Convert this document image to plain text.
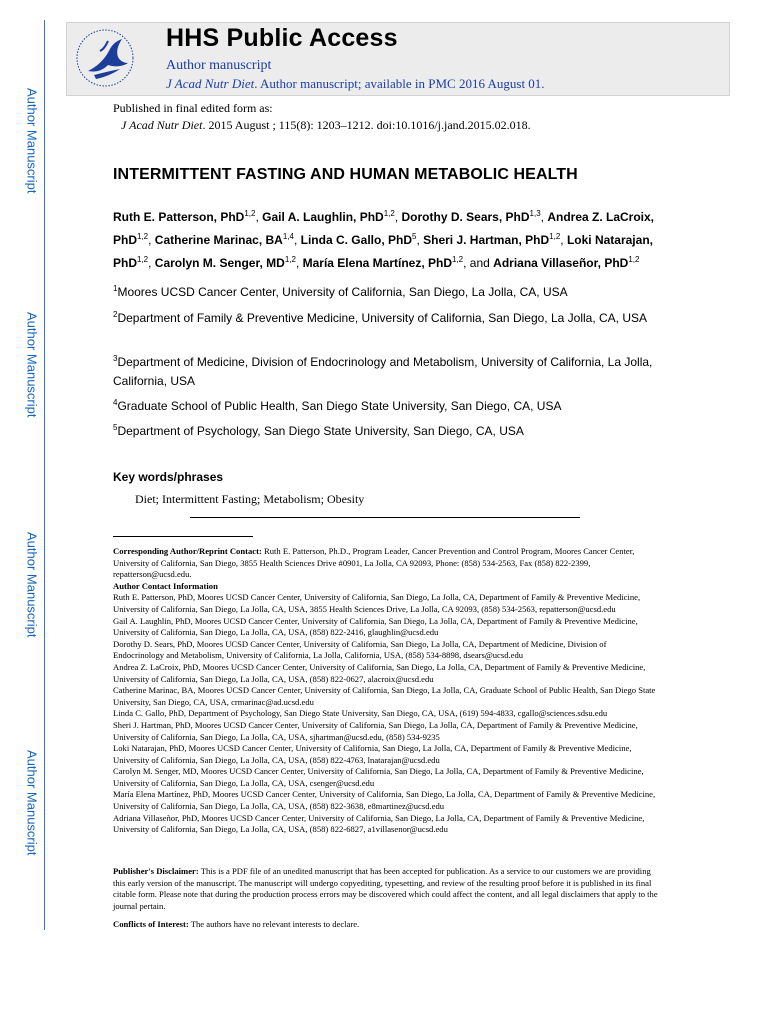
Author Manuscript
Author Manuscript
Author Manuscript
Author Manuscript
HHS Public Access
Author manuscript
J Acad Nutr Diet. Author manuscript; available in PMC 2016 August 01.
Published in final edited form as:
J Acad Nutr Diet. 2015 August ; 115(8): 1203–1212. doi:10.1016/j.jand.2015.02.018.
INTERMITTENT FASTING AND HUMAN METABOLIC HEALTH
Ruth E. Patterson, PhD$^{1,2}$, Gail A. Laughlin, PhD$^{1,2}$, Dorothy D. Sears, PhD$^{1,3}$, Andrea Z. LaCroix, PhD$^{1,2}$, Catherine Marinac, BA$^{1,4}$, Linda C. Gallo, PhD$^5$, Sheri J. Hartman, PhD$^{1,2}$, Loki Natarajan, PhD$^{1,2}$, Carolyn M. Senger, MD$^{1,2}$, María Elena Martínez, PhD$^{1,2}$, and Adriana Villaseñor, PhD$^{1,2}$
$^1$Moores UCSD Cancer Center, University of California, San Diego, La Jolla, CA, USA
$^2$Department of Family & Preventive Medicine, University of California, San Diego, La Jolla, CA, USA
$^3$Department of Medicine, Division of Endocrinology and Metabolism, University of California, La Jolla, California, USA
$^4$Graduate School of Public Health, San Diego State University, San Diego, CA, USA
$^5$Department of Psychology, San Diego State University, San Diego, CA, USA
Key words/phrases
Diet; Intermittent Fasting; Metabolism; Obesity

Corresponding Author/Reprint Contact: Ruth E. Patterson, Ph.D., Program Leader, Cancer Prevention and Control Program, Moores Cancer Center, University of California, San Diego, 3855 Health Sciences Drive #0901, La Jolla, CA 92093, Phone: (858) 534-2563, Fax (858) 822-2399, repatterson@ucsd.edu.

Author Contact Information

Ruth E. Patterson, PhD, Moores UCSD Cancer Center, University of California, San Diego, La Jolla, CA, Department of Family & Preventive Medicine, University of California, San Diego, La Jolla, CA, USA, 3855 Health Sciences Drive, La Jolla, CA 92093, (858) 534-2563, repatterson@ucsd.edu

Gail A. Laughlin, PhD, Moores UCSD Cancer Center, University of California, San Diego, La Jolla, CA, Department of Family & Preventive Medicine, University of California, San Diego, La Jolla, CA, USA, (858) 822-2416, glaughlin@ucsd.edu

Dorothy D. Sears, PhD, Moores UCSD Cancer Center, University of California, San Diego, La Jolla, CA, Department of Medicine, Division of Endocrinology and Metabolism, University of California, La Jolla, California, USA, (858) 534-8898, dsears@ucsd.edu

Andrea Z. LaCroix, PhD, Moores UCSD Cancer Center, University of California, San Diego, La Jolla, CA, Department of Family & Preventive Medicine, University of California, San Diego, La Jolla, CA, USA, (858) 822-0627, alacroix@ucsd.edu

Catherine Marinac, BA, Moores UCSD Cancer Center, University of California, San Diego, La Jolla, CA, Graduate School of Public Health, San Diego State University, San Diego, CA, USA, crmarinac@ad.ucsd.edu

Linda C. Gallo, PhD, Department of Psychology, San Diego State University, San Diego, CA, USA, (619) 594-4833, cgallo@sciences.sdsu.edu

Sheri J. Hartman, PhD, Moores UCSD Cancer Center, University of California, San Diego, La Jolla, CA, Department of Family & Preventive Medicine, University of California, San Diego, La Jolla, CA, USA, sjhartman@ucsd.edu, (858) 534-9235

Loki Natarajan, PhD, Moores UCSD Cancer Center, University of California, San Diego, La Jolla, CA, Department of Family & Preventive Medicine, University of California, San Diego, La Jolla, CA, USA, (858) 822-4763, lnatarajan@ucsd.edu

Carolyn M. Senger, MD, Moores UCSD Cancer Center, University of California, San Diego, La Jolla, CA, Department of Family & Preventive Medicine, University of California, San Diego, La Jolla, CA, USA, csenger@ucsd.edu

María Elena Martínez, PhD, Moores UCSD Cancer Center, University of California, San Diego, La Jolla, CA, Department of Family & Preventive Medicine, University of California, San Diego, La Jolla, CA, USA, (858) 822-3638, e8martinez@ucsd.edu

Adriana Villaseñor, PhD, Moores UCSD Cancer Center, University of California, San Diego, La Jolla, CA, Department of Family & Preventive Medicine, University of California, San Diego, La Jolla, CA, USA, (858) 822-6827, a1villasenor@ucsd.edu

Publisher's Disclaimer: This is a PDF file of an unedited manuscript that has been accepted for publication. As a service to our customers we are providing this early version of the manuscript. The manuscript will undergo copyediting, typesetting, and review of the resulting proof before it is published in its final citable form. Please note that during the production process errors may be discovered which could affect the content, and all legal disclaimers that apply to the journal pertain.

Conflicts of Interest: The authors have no relevant interests to declare.
